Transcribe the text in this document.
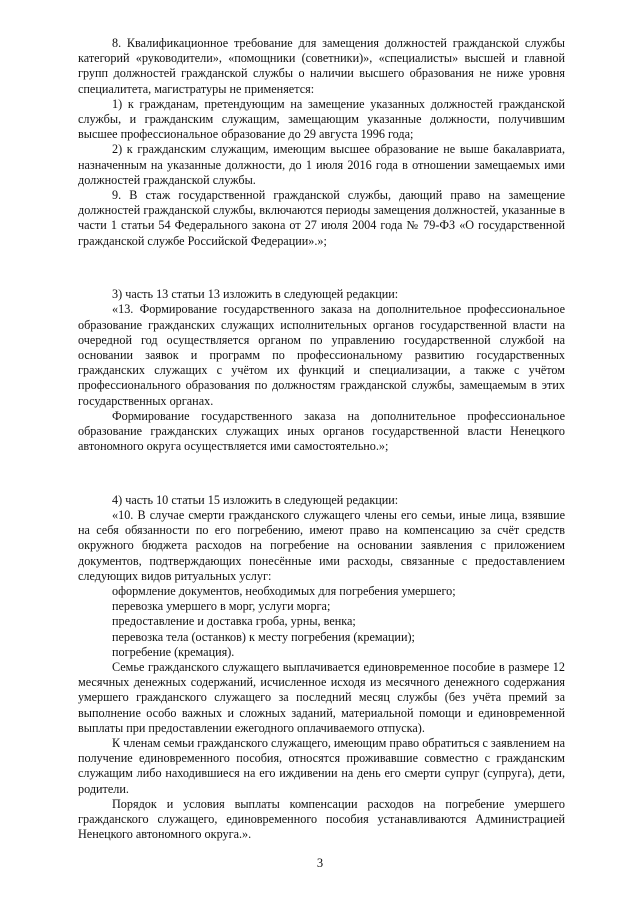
8. Квалификационное требование для замещения должностей гражданской службы категорий «руководители», «помощники (советники)», «специалисты» высшей и главной групп должностей гражданской службы о наличии высшего образования не ниже уровня специалитета, магистратуры не применяется:

1) к гражданам, претендующим на замещение указанных должностей гражданской службы, и гражданским служащим, замещающим указанные должности, получившим высшее профессиональное образование до 29 августа 1996 года;

2) к гражданским служащим, имеющим высшее образование не выше бакалавриата, назначенным на указанные должности, до 1 июля 2016 года в отношении замещаемых ими должностей гражданской службы.

9. В стаж государственной гражданской службы, дающий право на замещение должностей гражданской службы, включаются периоды замещения должностей, указанные в части 1 статьи 54 Федерального закона от 27 июля 2004 года № 79-ФЗ «О государственной гражданской службе Российской Федерации».»;

3) часть 13 статьи 13 изложить в следующей редакции:

«13. Формирование государственного заказа на дополнительное профессиональное образование гражданских служащих исполнительных органов государственной власти на очередной год осуществляется органом по управлению государственной службой на основании заявок и программ по профессиональному развитию государственных гражданских служащих с учётом их функций и специализации, а также с учётом профессионального образования по должностям гражданской службы, замещаемым в этих государственных органах.

Формирование государственного заказа на дополнительное профессиональное образование гражданских служащих иных органов государственной власти Ненецкого автономного округа осуществляется ими самостоятельно.»;

4) часть 10 статьи 15 изложить в следующей редакции:

«10. В случае смерти гражданского служащего члены его семьи, иные лица, взявшие на себя обязанности по его погребению, имеют право на компенсацию за счёт средств окружного бюджета расходов на погребение на основании заявления с приложением документов, подтверждающих понесённые ими расходы, связанные с предоставлением следующих видов ритуальных услуг:

оформление документов, необходимых для погребения умершего;

перевозка умершего в морг, услуги морга;

предоставление и доставка гроба, урны, венка;

перевозка тела (останков) к месту погребения (кремации);

погребение (кремация).

Семье гражданского служащего выплачивается единовременное пособие в размере 12 месячных денежных содержаний, исчисленное исходя из месячного денежного содержания умершего гражданского служащего за последний месяц службы (без учёта премий за выполнение особо важных и сложных заданий, материальной помощи и единовременной выплаты при предоставлении ежегодного оплачиваемого отпуска).

К членам семьи гражданского служащего, имеющим право обратиться с заявлением на получение единовременного пособия, относятся проживавшие совместно с гражданским служащим либо находившиеся на его иждивении на день его смерти супруг (супруга), дети, родители.

Порядок и условия выплаты компенсации расходов на погребение умершего гражданского служащего, единовременного пособия устанавливаются Администрацией Ненецкого автономного округа.».

3
